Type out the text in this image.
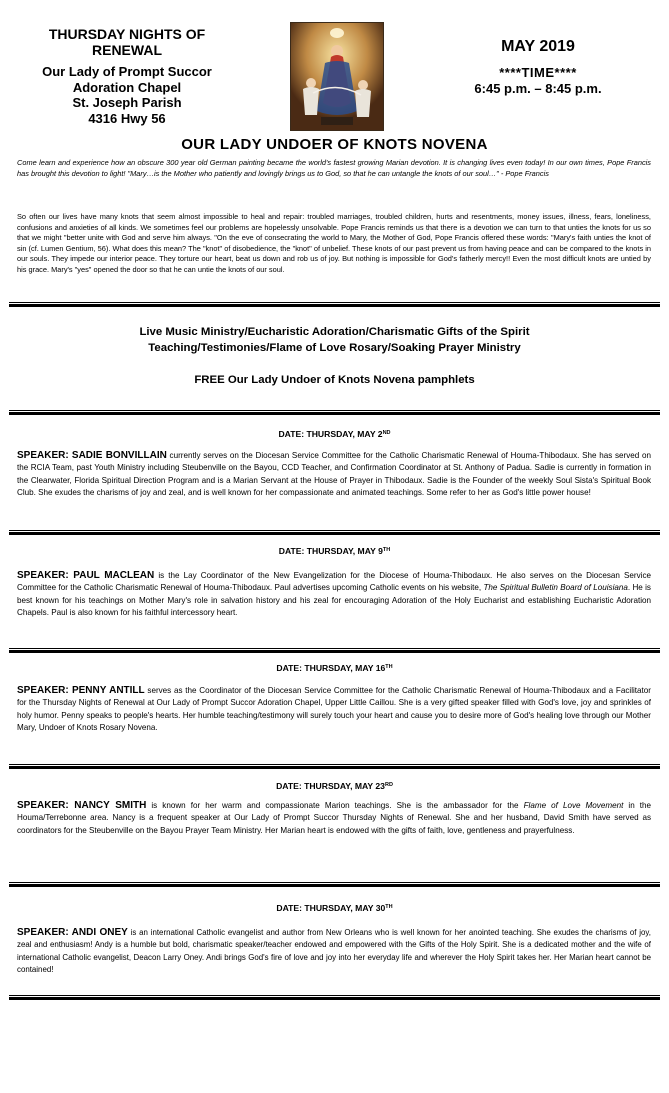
THURSDAY NIGHTS OF RENEWAL
Our Lady of Prompt Succor
Adoration Chapel
St. Joseph Parish
4316 Hwy 56
MAY 2019
****TIME****
6:45 p.m. – 8:45 p.m.
OUR LADY UNDOER OF KNOTS NOVENA
Come learn and experience how an obscure 300 year old German painting became the world's fastest growing Marian devotion. It is changing lives even today! In our own times, Pope Francis has brought this devotion to light! "Mary…is the Mother who patiently and lovingly brings us to God, so that he can untangle the knots of our soul…" - Pope Francis
So often our lives have many knots that seem almost impossible to heal and repair: troubled marriages, troubled children, hurts and resentments, money issues, illness, fears, loneliness, confusions and anxieties of all kinds. We sometimes feel our problems are hopelessly unsolvable. Pope Francis reminds us that there is a devotion we can turn to that unties the knots for us so that we might "better unite with God and serve him always. "On the eve of consecrating the world to Mary, the Mother of God, Pope Francis offered these words: "Mary's faith unties the knot of sin (cf. Lumen Gentium, 56). What does this mean? The "knot" of disobedience, the "knot" of unbelief. These knots of our past prevent us from having peace and can be compared to the knots in our souls. They impede our interior peace. They torture our heart, beat us down and rob us of joy. But nothing is impossible for God's fatherly mercy!! Even the most difficult knots are untied by his grace. Mary's "yes" opened the door so that he can untie the knots of our soul.
Live Music Ministry/Eucharistic Adoration/Charismatic Gifts of the Spirit
Teaching/Testimonies/Flame of Love Rosary/Soaking Prayer Ministry
FREE Our Lady Undoer of Knots Novena pamphlets
DATE: THURSDAY, MAY 2ND
SPEAKER: SADIE BONVILLAIN currently serves on the Diocesan Service Committee for the Catholic Charismatic Renewal of Houma-Thibodaux. She has served on the RCIA Team, past Youth Ministry including Steubenville on the Bayou, CCD Teacher, and Confirmation Coordinator at St. Anthony of Padua. Sadie is currently in formation in the Clearwater, Florida Spiritual Direction Program and is a Marian Servant at the House of Prayer in Thibodaux. Sadie is the Founder of the weekly Soul Sista's Spiritual Book Club. She exudes the charisms of joy and zeal, and is well known for her compassionate and animated teachings. Some refer to her as God's little power house!
DATE: THURSDAY, MAY 9TH
SPEAKER: PAUL MACLEAN is the Lay Coordinator of the New Evangelization for the Diocese of Houma-Thibodaux. He also serves on the Diocesan Service Committee for the Catholic Charismatic Renewal of Houma-Thibodaux. Paul advertises upcoming Catholic events on his website, The Spiritual Bulletin Board of Louisiana. He is best known for his teachings on Mother Mary's role in salvation history and his zeal for encouraging Adoration of the Holy Eucharist and establishing Eucharistic Adoration Chapels. Paul is also known for his faithful intercessory heart.
DATE: THURSDAY, MAY 16TH
SPEAKER: PENNY ANTILL serves as the Coordinator of the Diocesan Service Committee for the Catholic Charismatic Renewal of Houma-Thibodaux and a Facilitator for the Thursday Nights of Renewal at Our Lady of Prompt Succor Adoration Chapel, Upper Little Caillou. She is a very gifted speaker filled with God's love, joy and sprinkles of holy humor. Penny speaks to people's hearts. Her humble teaching/testimony will surely touch your heart and cause you to desire more of God's healing love through our Mother Mary, Undoer of Knots Rosary Novena.
DATE: THURSDAY, MAY 23RD
SPEAKER: NANCY SMITH is known for her warm and compassionate Marion teachings. She is the ambassador for the Flame of Love Movement in the Houma/Terrebonne area. Nancy is a frequent speaker at Our Lady of Prompt Succor Thursday Nights of Renewal. She and her husband, David Smith have served as coordinators for the Steubenville on the Bayou Prayer Team Ministry. Her Marian heart is endowed with the gifts of faith, love, gentleness and prayerfulness.
DATE: THURSDAY, MAY 30TH
SPEAKER: ANDI ONEY is an international Catholic evangelist and author from New Orleans who is well known for her anointed teaching. She exudes the charisms of joy, zeal and enthusiasm! Andy is a humble but bold, charismatic speaker/teacher endowed and empowered with the Gifts of the Holy Spirit. She is a dedicated mother and the wife of international Catholic evangelist, Deacon Larry Oney. Andi brings God's fire of love and joy into her everyday life and wherever the Holy Spirit takes her. Her Marian heart cannot be contained!
